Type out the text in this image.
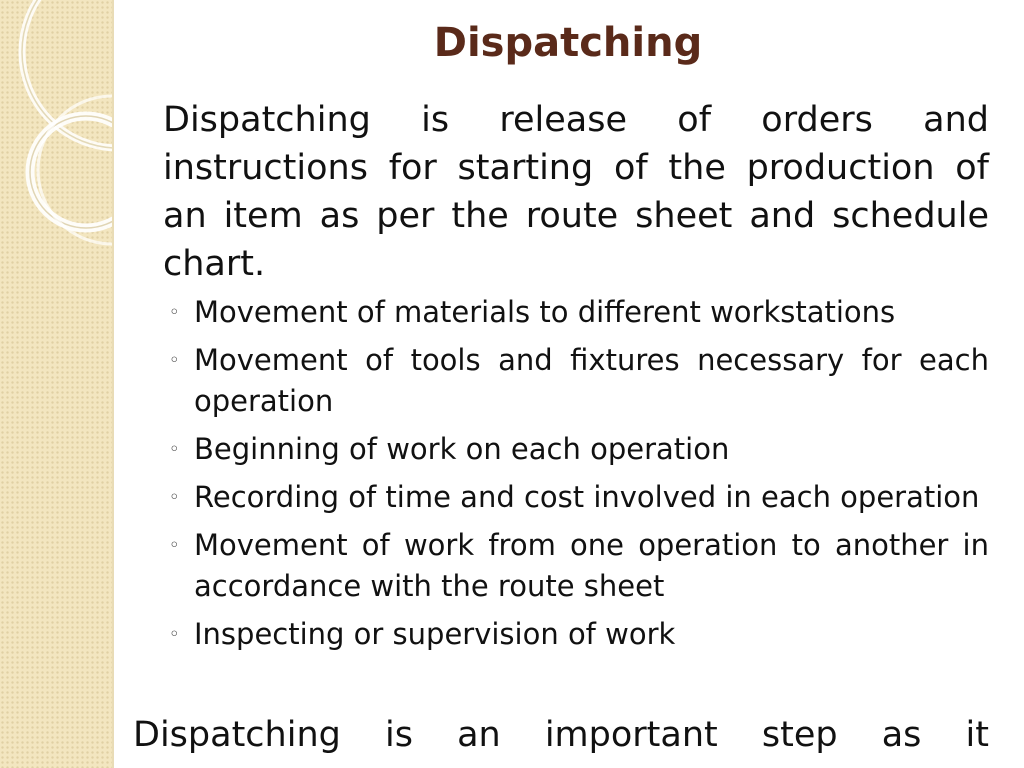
Dispatching

Dispatching is release of orders and instructions for starting of the production of an item as per the route sheet and schedule chart.

◦ Movement of materials to different workstations
◦ Movement of tools and fixtures necessary for each operation
◦ Beginning of work on each operation
◦ Recording of time and cost involved in each operation
◦ Movement of work from one operation to another in accordance with the route sheet
◦ Inspecting or supervision of work

Dispatching is an important step as it
